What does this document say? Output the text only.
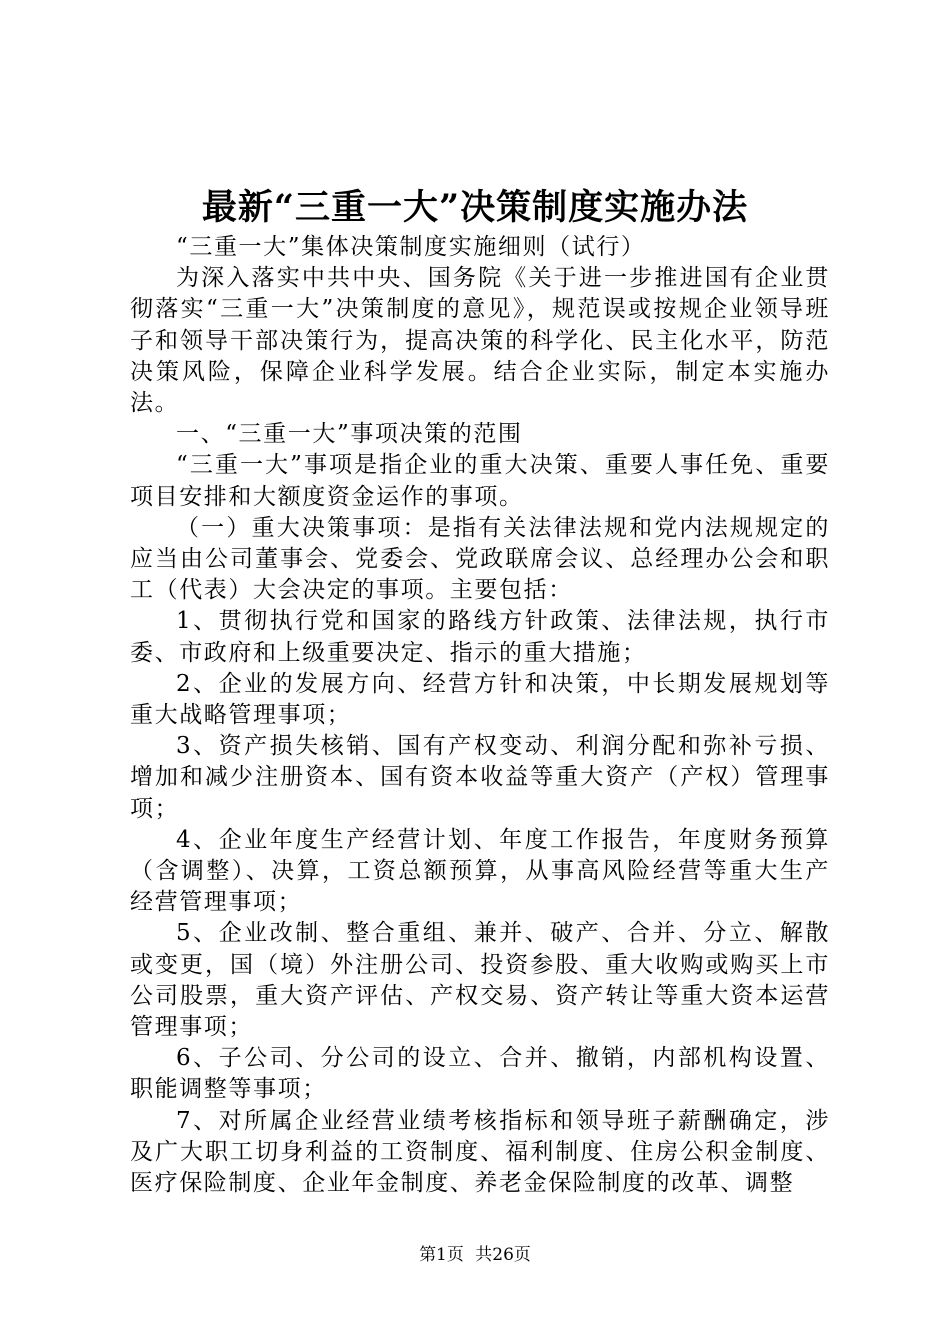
最新“三重一大”决策制度实施办法

“三重一大”集体决策制度实施细则（试行）

为深入落实中共中央、国务院《关于进一步推进国有企业贯彻落实“三重一大”决策制度的意见》，规范误或按规企业领导班子和领导干部决策行为，提高决策的科学化、民主化水平，防范决策风险，保障企业科学发展。结合企业实际，制定本实施办法。

一、“三重一大”事项决策的范围

“三重一大”事项是指企业的重大决策、重要人事任免、重要项目安排和大额度资金运作的事项。

（一）重大决策事项：是指有关法律法规和党内法规规定的应当由公司董事会、党委会、党政联席会议、总经理办公会和职工（代表）大会决定的事项。主要包括：

1、贯彻执行党和国家的路线方针政策、法律法规，执行市委、市政府和上级重要决定、指示的重大措施；

2、企业的发展方向、经营方针和决策，中长期发展规划等重大战略管理事项；

3、资产损失核销、国有产权变动、利润分配和弥补亏损、增加和减少注册资本、国有资本收益等重大资产（产权）管理事项；

4、企业年度生产经营计划、年度工作报告，年度财务预算（含调整）、决算，工资总额预算，从事高风险经营等重大生产经营管理事项；

5、企业改制、整合重组、兼并、破产、合并、分立、解散或变更，国（境）外注册公司、投资参股、重大收购或购买上市公司股票，重大资产评估、产权交易、资产转让等重大资本运营管理事项；

6、子公司、分公司的设立、合并、撤销，内部机构设置、职能调整等事项；

7、对所属企业经营业绩考核指标和领导班子薪酬确定，涉及广大职工切身利益的工资制度、福利制度、住房公积金制度、医疗保险制度、企业年金制度、养老金保险制度的改革、调整

第1页 共26页
